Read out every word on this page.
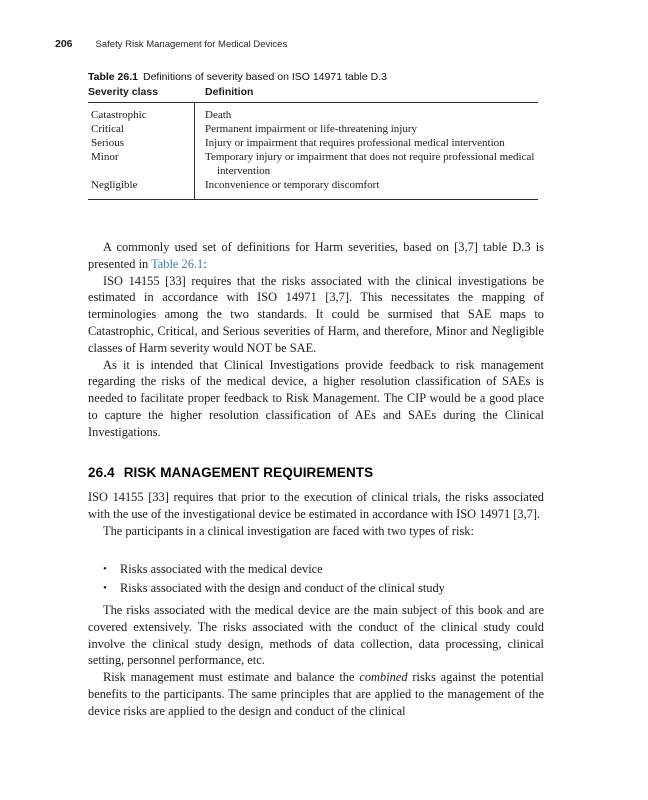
206 Safety Risk Management for Medical Devices
Table 26.1 Definitions of severity based on ISO 14971 table D.3
Severity class	Definition
Catastrophic	Death
Critical	Permanent impairment or life-threatening injury
Serious	Injury or impairment that requires professional medical intervention
Minor	Temporary injury or impairment that does not require professional medical intervention
Negligible	Inconvenience or temporary discomfort

A commonly used set of definitions for Harm severities, based on [3,7] table D.3 is presented in Table 26.1:

ISO 14155 [33] requires that the risks associated with the clinical investigations be estimated in accordance with ISO 14971 [3,7]. This necessitates the mapping of terminologies among the two standards. It could be surmised that SAE maps to Catastrophic, Critical, and Serious severities of Harm, and therefore, Minor and Negligible classes of Harm severity would NOT be SAE.

As it is intended that Clinical Investigations provide feedback to risk management regarding the risks of the medical device, a higher resolution classification of SAEs is needed to facilitate proper feedback to Risk Management. The CIP would be a good place to capture the higher resolution classification of AEs and SAEs during the Clinical Investigations.

26.4 RISK MANAGEMENT REQUIREMENTS

ISO 14155 [33] requires that prior to the execution of clinical trials, the risks associated with the use of the investigational device be estimated in accordance with ISO 14971 [3,7].

The participants in a clinical investigation are faced with two types of risk:

•	Risks associated with the medical device
•	Risks associated with the design and conduct of the clinical study

The risks associated with the medical device are the main subject of this book and are covered extensively. The risks associated with the conduct of the clinical study could involve the clinical study design, methods of data collection, data processing, clinical setting, personnel performance, etc.

Risk management must estimate and balance the combined risks against the potential benefits to the participants. The same principles that are applied to the management of the device risks are applied to the design and conduct of the clinical
